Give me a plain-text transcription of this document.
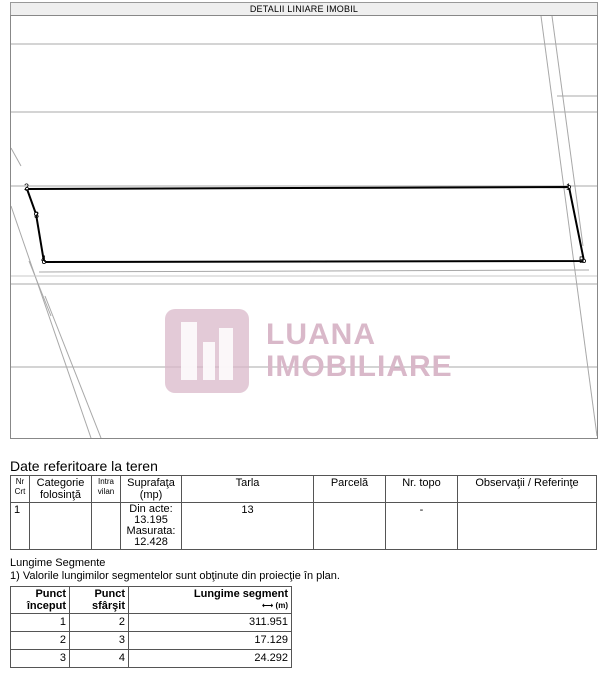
DETALII LINIARE IMOBIL
1
2
3
4	5
LUANA
IMOBILIARE
Date referitoare la teren
Nr Crt	Categorie folosinţă	Intra vilan	Suprafaţa (mp)	Tarla	Parcelă	Nr. topo	Observaţii / Referinţe
1			Din acte:
13.195
Masurata:
12.428	13		-	
Lungime Segmente
1) Valorile lungimilor segmentelor sunt obţinute din proiecţie în plan.
Punct început	Punct sfârşit	Lungime segment
⟷ (m)

1	2	311.951
2	3	17.129
3	4	24.292
